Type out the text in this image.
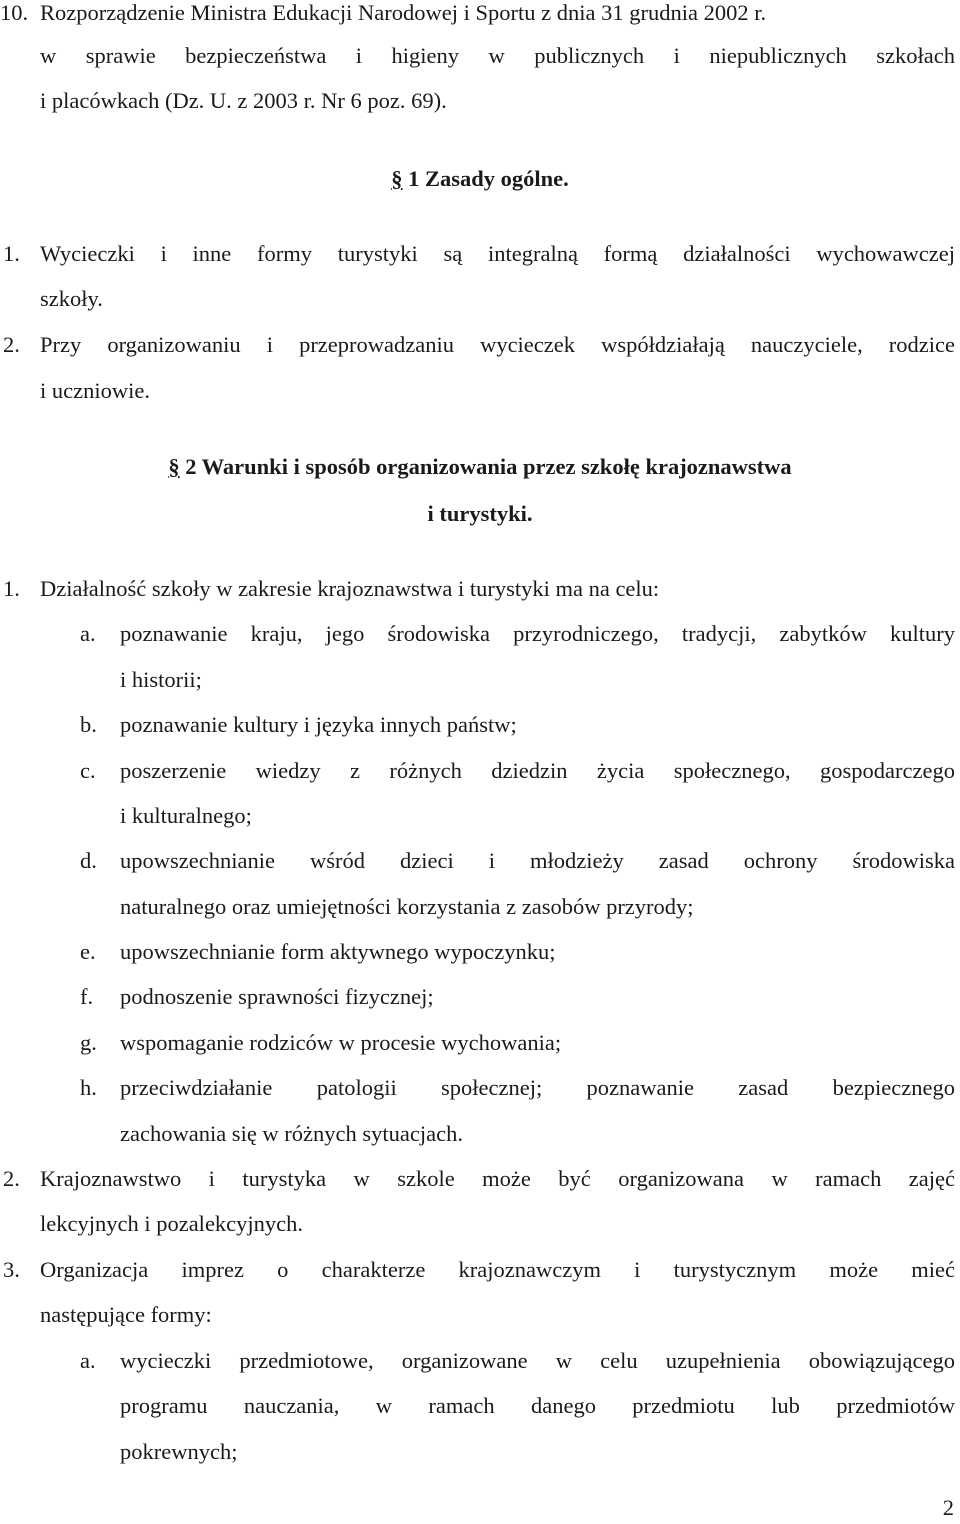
10. Rozporządzenie Ministra Edukacji Narodowej i Sportu z dnia 31 grudnia 2002 r.
w sprawie bezpieczeństwa i higieny w publicznych i niepublicznych szkołach
i placówkach (Dz. U. z 2003 r. Nr 6 poz. 69).
§ 1 Zasady ogólne.
1. Wycieczki i inne formy turystyki są integralną formą działalności wychowawczej
szkoły.
2. Przy organizowaniu i przeprowadzaniu wycieczek współdziałają nauczyciele, rodzice
i uczniowie.
§ 2 Warunki i sposób organizowania przez szkołę krajoznawstwa
i turystyki.
1. Działalność szkoły w zakresie krajoznawstwa i turystyki ma na celu:
a. poznawanie kraju, jego środowiska przyrodniczego, tradycji, zabytków kultury
i historii;
b. poznawanie kultury i języka innych państw;
c. poszerzenie wiedzy z różnych dziedzin życia społecznego, gospodarczego
i kulturalnego;
d. upowszechnianie wśród dzieci i młodzieży zasad ochrony środowiska
naturalnego oraz umiejętności korzystania z zasobów przyrody;
e. upowszechnianie form aktywnego wypoczynku;
f. podnoszenie sprawności fizycznej;
g. wspomaganie rodziców w procesie wychowania;
h. przeciwdziałanie patologii społecznej; poznawanie zasad bezpiecznego
zachowania się w różnych sytuacjach.
2. Krajoznawstwo i turystyka w szkole może być organizowana w ramach zajęć
lekcyjnych i pozalekcyjnych.
3. Organizacja imprez o charakterze krajoznawczym i turystycznym może mieć
następujące formy:
a. wycieczki przedmiotowe, organizowane w celu uzupełnienia obowiązującego
programu nauczania, w ramach danego przedmiotu lub przedmiotów
pokrewnych;
2
